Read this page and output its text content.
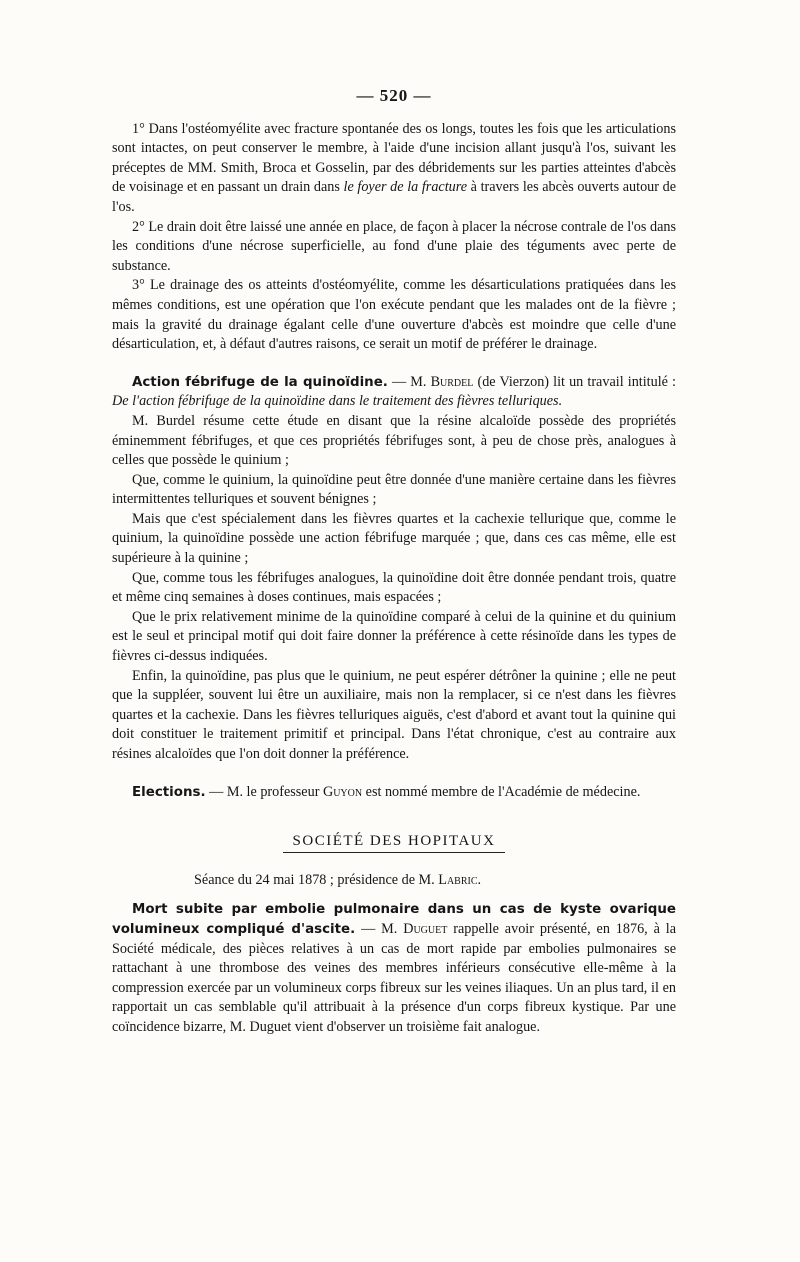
— 520 —

1° Dans l'ostéomyélite avec fracture spontanée des os longs, toutes les fois que les articulations sont intactes, on peut conserver le membre, à l'aide d'une incision allant jusqu'à l'os, suivant les préceptes de MM. Smith, Broca et Gosselin, par des débridements sur les parties atteintes d'abcès de voisinage et en passant un drain dans le foyer de la fracture à travers les abcès ouverts autour de l'os.

2° Le drain doit être laissé une année en place, de façon à placer la nécrose contrale de l'os dans les conditions d'une nécrose superficielle, au fond d'une plaie des téguments avec perte de substance.

3° Le drainage des os atteints d'ostéomyélite, comme les désarticulations pratiquées dans les mêmes conditions, est une opération que l'on exécute pendant que les malades ont de la fièvre ; mais la gravité du drainage égalant celle d'une ouverture d'abcès est moindre que celle d'une désarticulation, et, à défaut d'autres raisons, ce serait un motif de préférer le drainage.

Action fébrifuge de la quinoïdine. — M. Burdel (de Vierzon) lit un travail intitulé : De l'action fébrifuge de la quinoïdine dans le traitement des fièvres telluriques.

M. Burdel résume cette étude en disant que la résine alcaloïde possède des propriétés éminemment fébrifuges, et que ces propriétés fébrifuges sont, à peu de chose près, analogues à celles que possède le quinium ;

Que, comme le quinium, la quinoïdine peut être donnée d'une manière certaine dans les fièvres intermittentes telluriques et souvent bénignes ;

Mais que c'est spécialement dans les fièvres quartes et la cachexie tellurique que, comme le quinium, la quinoïdine possède une action fébrifuge marquée ; que, dans ces cas même, elle est supérieure à la quinine ;

Que, comme tous les fébrifuges analogues, la quinoïdine doit être donnée pendant trois, quatre et même cinq semaines à doses continues, mais espacées ;

Que le prix relativement minime de la quinoïdine comparé à celui de la quinine et du quinium est le seul et principal motif qui doit faire donner la préférence à cette résinoïde dans les types de fièvres ci-dessus indiquées.

Enfin, la quinoïdine, pas plus que le quinium, ne peut espérer détrôner la quinine ; elle ne peut que la suppléer, souvent lui être un auxiliaire, mais non la remplacer, si ce n'est dans les fièvres quartes et la cachexie. Dans les fièvres telluriques aiguës, c'est d'abord et avant tout la quinine qui doit constituer le traitement primitif et principal. Dans l'état chronique, c'est au contraire aux résines alcaloïdes que l'on doit donner la préférence.

Elections. — M. le professeur Guyon est nommé membre de l'Académie de médecine.

SOCIÉTÉ DES HOPITAUX

Séance du 24 mai 1878 ; présidence de M. Labric.

Mort subite par embolie pulmonaire dans un cas de kyste ovarique volumineux compliqué d'ascite. — M. Duguet rappelle avoir présenté, en 1876, à la Société médicale, des pièces relatives à un cas de mort rapide par embolies pulmonaires se rattachant à une thrombose des veines des membres inférieurs consécutive elle-même à la compression exercée par un volumineux corps fibreux sur les veines iliaques. Un an plus tard, il en rapportait un cas semblable qu'il attribuait à la présence d'un corps fibreux kystique. Par une coïncidence bizarre, M. Duguet vient d'observer un troisième fait analogue.
